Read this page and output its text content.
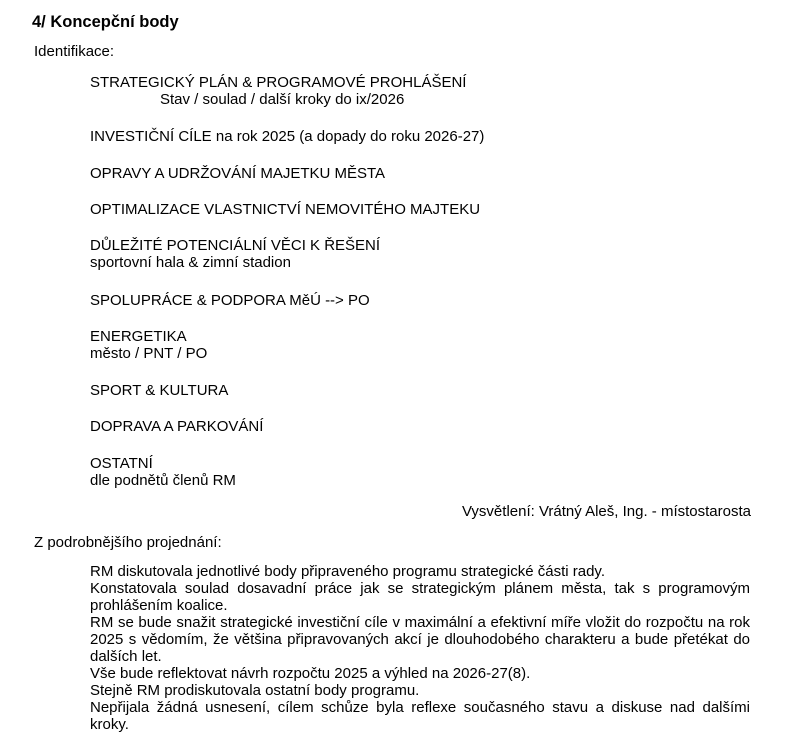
4/ Koncepční body
Identifikace:
STRATEGICKÝ PLÁN & PROGRAMOVÉ PROHLÁŠENÍ
Stav / soulad / další kroky do ix/2026
INVESTIČNÍ CÍLE na rok 2025 (a dopady do roku 2026-27)
OPRAVY A UDRŽOVÁNÍ MAJETKU MĚSTA
OPTIMALIZACE VLASTNICTVÍ NEMOVITÉHO MAJTEKU
DŮLEŽITÉ POTENCIÁLNÍ VĚCI K ŘEŠENÍ
sportovní hala & zimní stadion
SPOLUPRÁCE & PODPORA MěÚ --> PO
ENERGETIKA
město / PNT / PO
SPORT & KULTURA
DOPRAVA A PARKOVÁNÍ
OSTATNÍ
dle podnětů členů RM
Vysvětlení: Vrátný Aleš, Ing. - místostarosta
Z podrobnějšího projednání:

RM diskutovala jednotlivé body připraveného programu strategické části rady.

Konstatovala soulad dosavadní práce jak se strategickým plánem města, tak s programovým prohlášením koalice.

RM se bude snažit strategické investiční cíle v maximální a efektivní míře vložit do rozpočtu na rok 2025 s vědomím, že většina připravovaných akcí je dlouhodobého charakteru a bude přetékat do dalších let.

Vše bude reflektovat návrh rozpočtu 2025 a výhled na 2026-27(8).

Stejně RM prodiskutovala ostatní body programu.

Nepřijala žádná usnesení, cílem schůze byla reflexe současného stavu a diskuse nad dalšími kroky.
